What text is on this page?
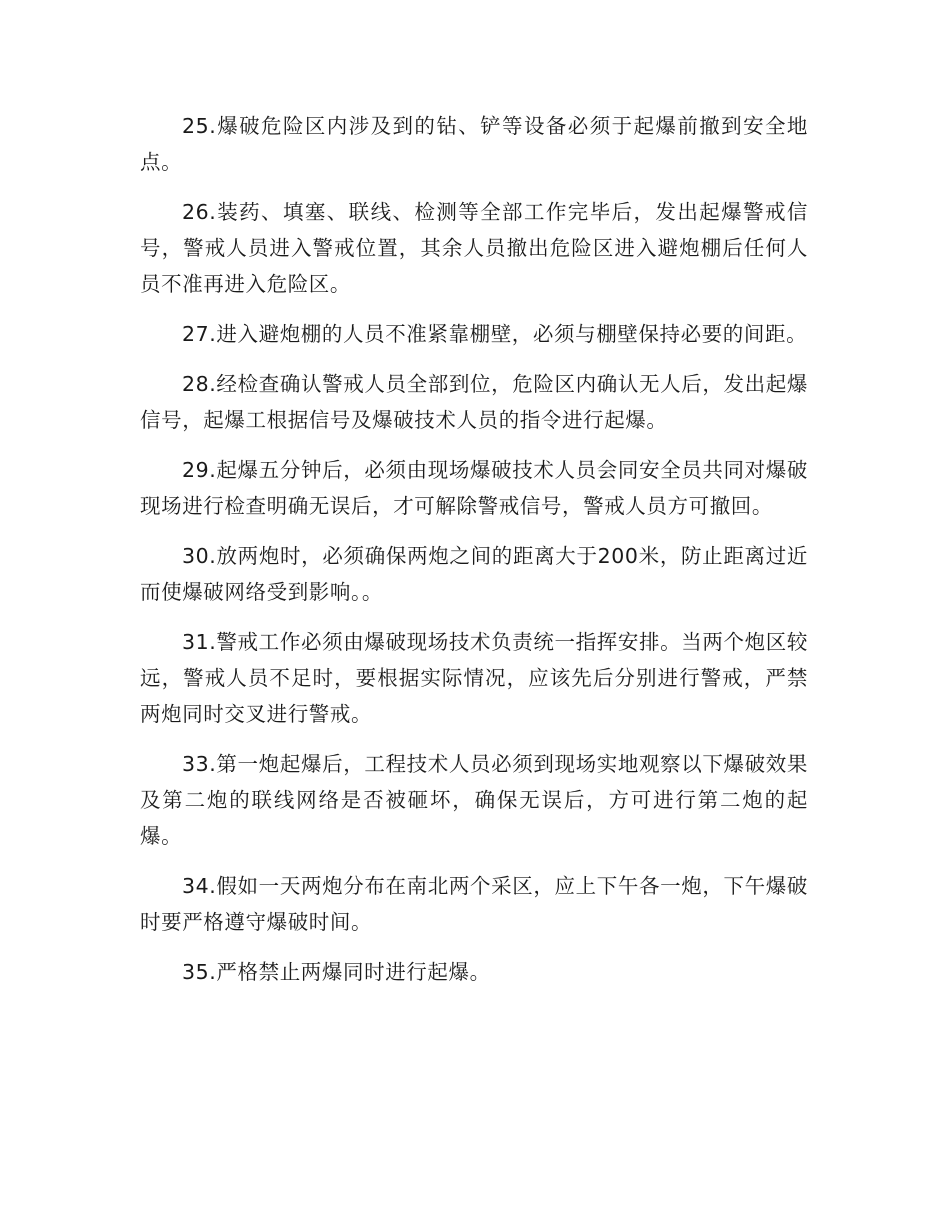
25.爆破危险区内涉及到的钻、铲等设备必须于起爆前撤到安全地点。

26.装药、填塞、联线、检测等全部工作完毕后，发出起爆警戒信号，警戒人员进入警戒位置，其余人员撤出危险区进入避炮棚后任何人员不准再进入危险区。

27.进入避炮棚的人员不准紧靠棚壁，必须与棚壁保持必要的间距。

28.经检查确认警戒人员全部到位，危险区内确认无人后，发出起爆信号，起爆工根据信号及爆破技术人员的指令进行起爆。

29.起爆五分钟后，必须由现场爆破技术人员会同安全员共同对爆破现场进行检查明确无误后，才可解除警戒信号，警戒人员方可撤回。

30.放两炮时，必须确保两炮之间的距离大于200米，防止距离过近而使爆破网络受到影响。。

31.警戒工作必须由爆破现场技术负责统一指挥安排。当两个炮区较远，警戒人员不足时，要根据实际情况，应该先后分别进行警戒，严禁两炮同时交叉进行警戒。

33.第一炮起爆后，工程技术人员必须到现场实地观察以下爆破效果及第二炮的联线网络是否被砸坏，确保无误后，方可进行第二炮的起爆。

34.假如一天两炮分布在南北两个采区，应上下午各一炮，下午爆破时要严格遵守爆破时间。

35.严格禁止两爆同时进行起爆。
